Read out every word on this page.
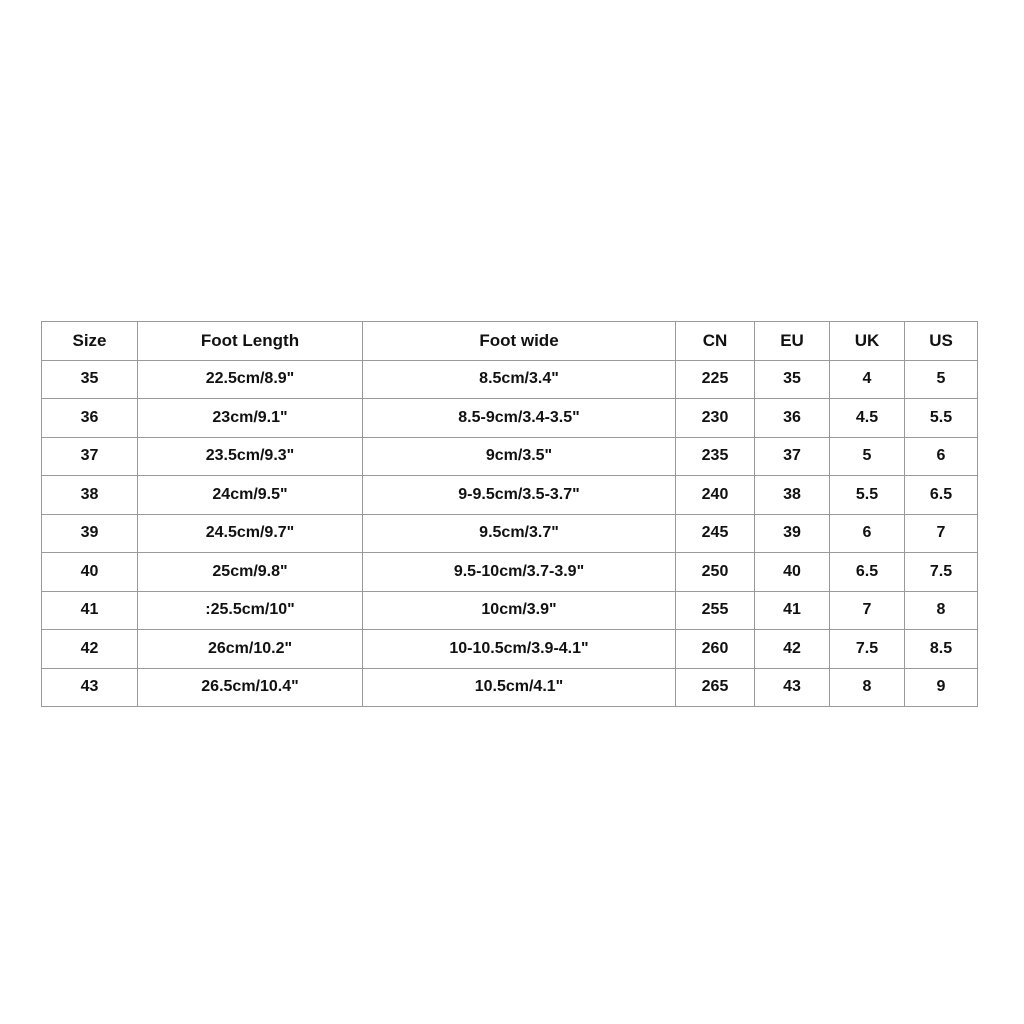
Size	Foot Length	Foot wide	CN	EU	UK	US
35	22.5cm/8.9"	8.5cm/3.4"	225	35	4	5
36	23cm/9.1"	8.5-9cm/3.4-3.5"	230	36	4.5	5.5
37	23.5cm/9.3"	9cm/3.5"	235	37	5	6
38	24cm/9.5"	9-9.5cm/3.5-3.7"	240	38	5.5	6.5
39	24.5cm/9.7"	9.5cm/3.7"	245	39	6	7
40	25cm/9.8"	9.5-10cm/3.7-3.9"	250	40	6.5	7.5
41	:25.5cm/10"	10cm/3.9"	255	41	7	8
42	26cm/10.2"	10-10.5cm/3.9-4.1"	260	42	7.5	8.5
43	26.5cm/10.4"	10.5cm/4.1"	265	43	8	9
